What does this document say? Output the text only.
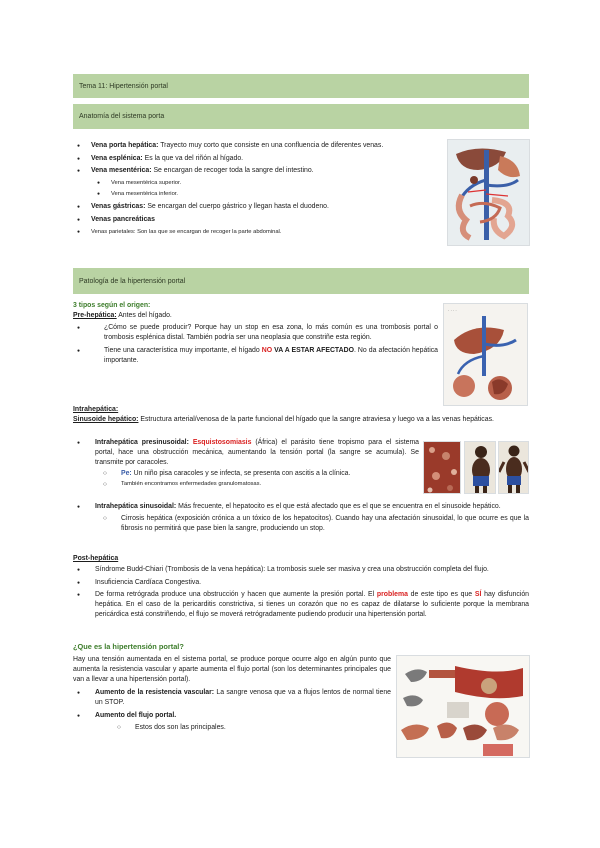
Tema 11: Hipertensión portal
Anatomía del sistema porta
● Vena porta hepática: Trayecto muy corto que consiste en una confluencia de diferentes venas.
● Vena esplénica: Es la que va del riñón al hígado.
● Vena mesentérica: Se encargan de recoger toda la sangre del intestino.
● Vena mesentérica superior.
● Vena mesentérica inferior.
● Venas gástricas: Se encargan del cuerpo gástrico y llegan hasta el duodeno.
● Venas pancreáticas
● Venas parietales: Son las que se encargan de recoger la parte abdominal.
Patología de la hipertensión portal
3 tipos según el origen:
Pre-hepática: Antes del hígado.
● ¿Cómo se puede producir? Porque hay un stop en esa zona, lo más común es una trombosis portal o trombosis esplénica distal. También podría ser una neoplasia que constriñe esta región.
● Tiene una característica muy importante, el hígado NO VA A ESTAR AFECTADO. No da afectación hepática importante.
· · · ·
Intrahepática:
Sinusoide hepático: Estructura arterial/venosa de la parte funcional del hígado que la sangre atraviesa y luego va a las venas hepáticas.
● Intrahepática presinusoidal: Esquistosomiasis (África) el parásito tiene tropismo para el sistema portal, hace una obstrucción mecánica, aumentando la tensión portal (la sangre se acumula). Se transmite por caracoles.
○ Pe: Un niño pisa caracoles y se infecta, se presenta con ascitis a la clínica.
○ También encontramos enfermedades granulomatosas.
● Intrahepática sinusoidal: Más frecuente, el hepatocito es el que está afectado que es el que se encuentra en el sinusoide hepático.
○ Cirrosis hepática (exposición crónica a un tóxico de los hepatocitos). Cuando hay una afectación sinusoidal, lo que ocurre es que la fibrosis no permitirá que pase bien la sangre, produciendo un stop.
Post-hepática
● Síndrome Budd-Chiari (Trombosis de la vena hepática): La trombosis suele ser masiva y crea una obstrucción completa del flujo.
● Insuficiencia Cardíaca Congestiva.
● De forma retrógrada produce una obstrucción y hacen que aumente la presión portal. El problema de este tipo es que SÍ hay disfunción hepática. En el caso de la pericarditis constrictiva, si tienes un corazón que no es capaz de dilatarse lo suficiente porque la membrana pericárdica está constriñendo, el flujo se moverá retrógradamente pudiendo producir una hipertensión portal.
¿Que es la hipertensión portal?
Hay una tensión aumentada en el sistema portal, se produce porque ocurre algo en algún punto que aumenta la resistencia vascular y aparte aumenta el flujo portal (son los determinantes principales que van a llevar a una hipertensión portal).
● Aumento de la resistencia vascular: La sangre venosa que va a flujos lentos de normal tiene un STOP.
● Aumento del flujo portal.
○ Estos dos son las principales.
